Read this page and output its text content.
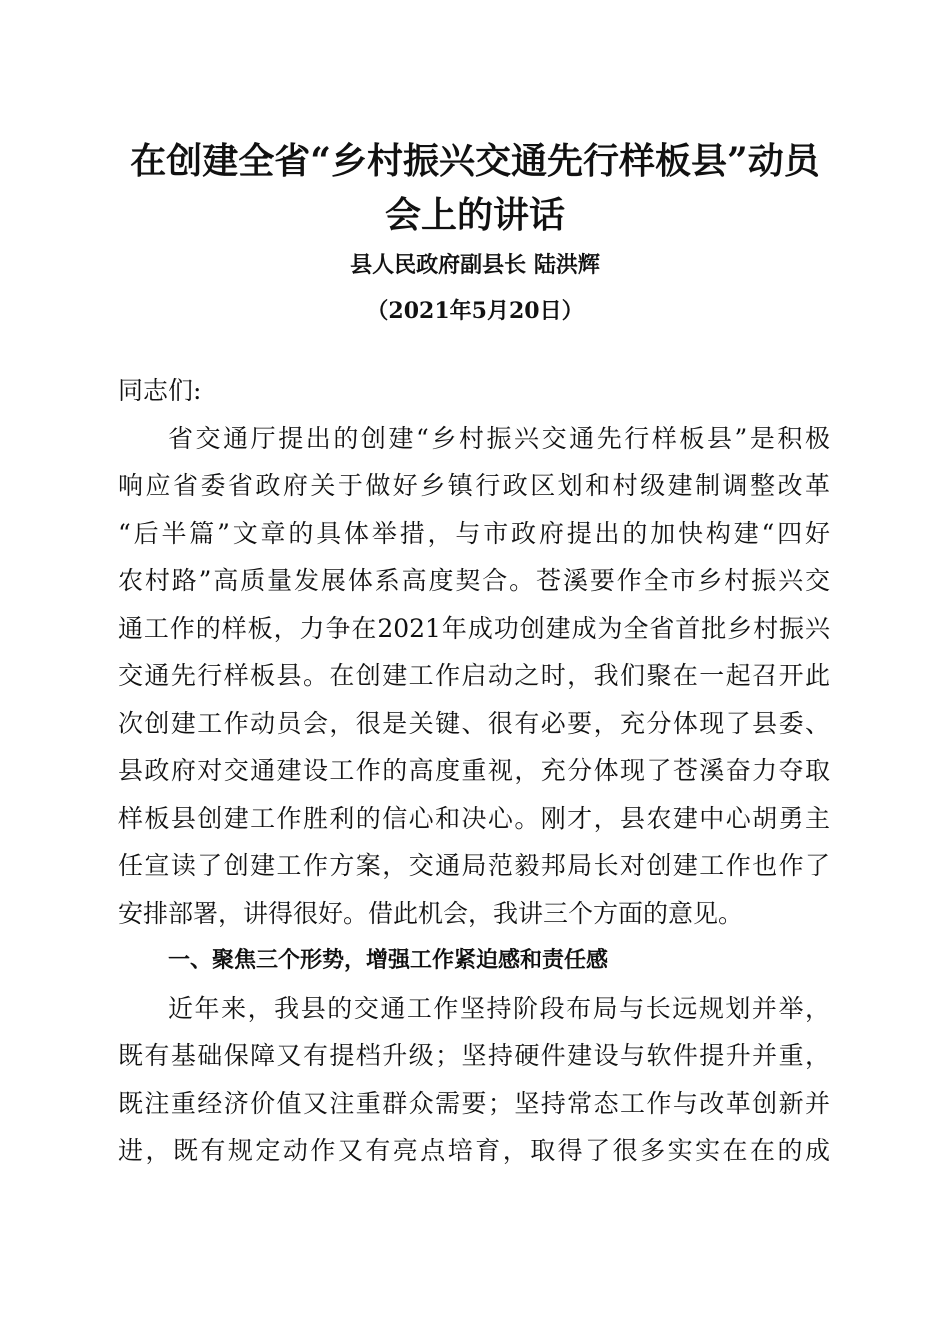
在创建全省“乡村振兴交通先行样板县”动员
会上的讲话
县人民政府副县长 陆洪辉
（2021年5月20日）
同志们:
省交通厅提出的创建“乡村振兴交通先行样板县”是积极
响应省委省政府关于做好乡镇行政区划和村级建制调整改革
“后半篇”文章的具体举措，与市政府提出的加快构建“四好
农村路”高质量发展体系高度契合。苍溪要作全市乡村振兴交
通工作的样板，力争在2021年成功创建成为全省首批乡村振兴
交通先行样板县。在创建工作启动之时，我们聚在一起召开此
次创建工作动员会，很是关键、很有必要，充分体现了县委、
县政府对交通建设工作的高度重视，充分体现了苍溪奋力夺取
样板县创建工作胜利的信心和决心。刚才，县农建中心胡勇主
任宣读了创建工作方案，交通局范毅邦局长对创建工作也作了
安排部署，讲得很好。借此机会，我讲三个方面的意见。
一、聚焦三个形势，增强工作紧迫感和责任感
近年来，我县的交通工作坚持阶段布局与长远规划并举，
既有基础保障又有提档升级；坚持硬件建设与软件提升并重，
既注重经济价值又注重群众需要；坚持常态工作与改革创新并
进，既有规定动作又有亮点培育，取得了很多实实在在的成
